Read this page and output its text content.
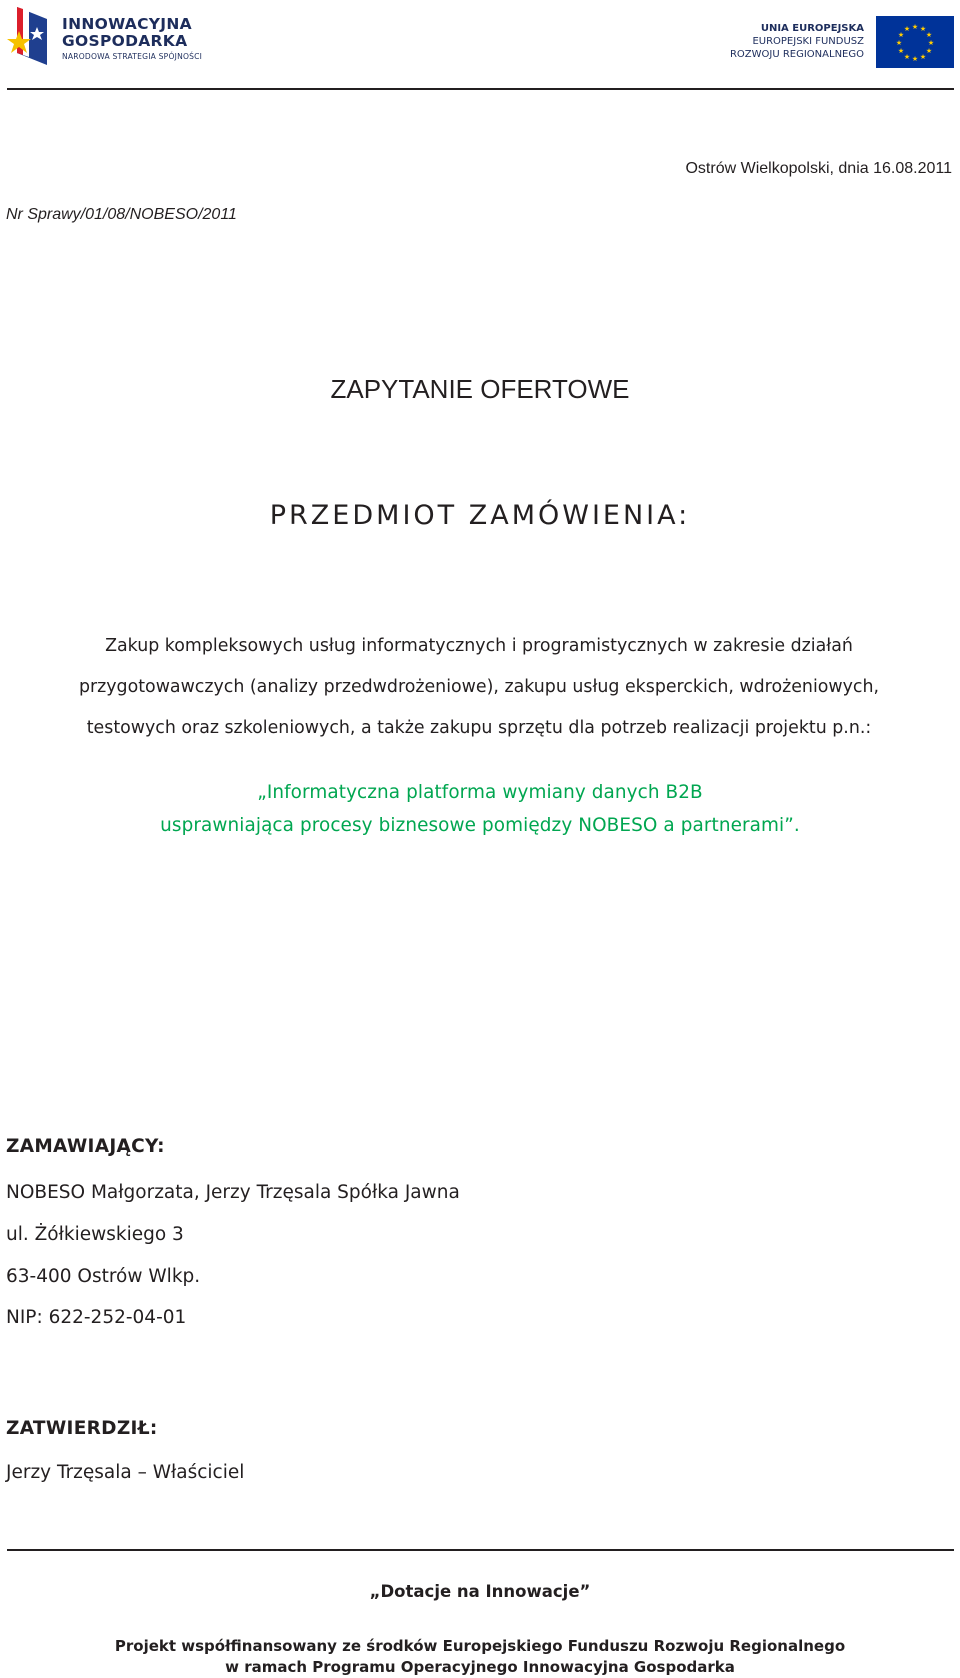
INNOWACYJNA
GOSPODARKA
NARODOWA STRATEGIA SPÓJNOŚCI
UNIA EUROPEJSKA
EUROPEJSKI FUNDUSZ
ROZWOJU REGIONALNEGO
★ ★
★
★
★
★
★
★
★
★
★
★
Ostrów Wielkopolski, dnia 16.08.2011
Nr Sprawy/01/08/NOBESO/2011
ZAPYTANIE OFERTOWE
PRZEDMIOT ZAMÓWIENIA:
Zakup kompleksowych usług informatycznych i programistycznych w zakresie działań
przygotowawczych (analizy przedwdrożeniowe), zakupu usług eksperckich, wdrożeniowych,
testowych oraz szkoleniowych, a także zakupu sprzętu dla potrzeb realizacji projektu p.n.:
„Informatyczna platforma wymiany danych B2B
usprawniająca procesy biznesowe pomiędzy NOBESO a partnerami”.
ZAMAWIAJĄCY:
NOBESO Małgorzata, Jerzy Trzęsala Spółka Jawna
ul. Żółkiewskiego 3
63-400 Ostrów Wlkp.
NIP: 622-252-04-01
ZATWIERDZIŁ:
Jerzy Trzęsala – Właściciel
„Dotacje na Innowacje”
Projekt współfinansowany ze środków Europejskiego Funduszu Rozwoju Regionalnego
w ramach Programu Operacyjnego Innowacyjna Gospodarka
